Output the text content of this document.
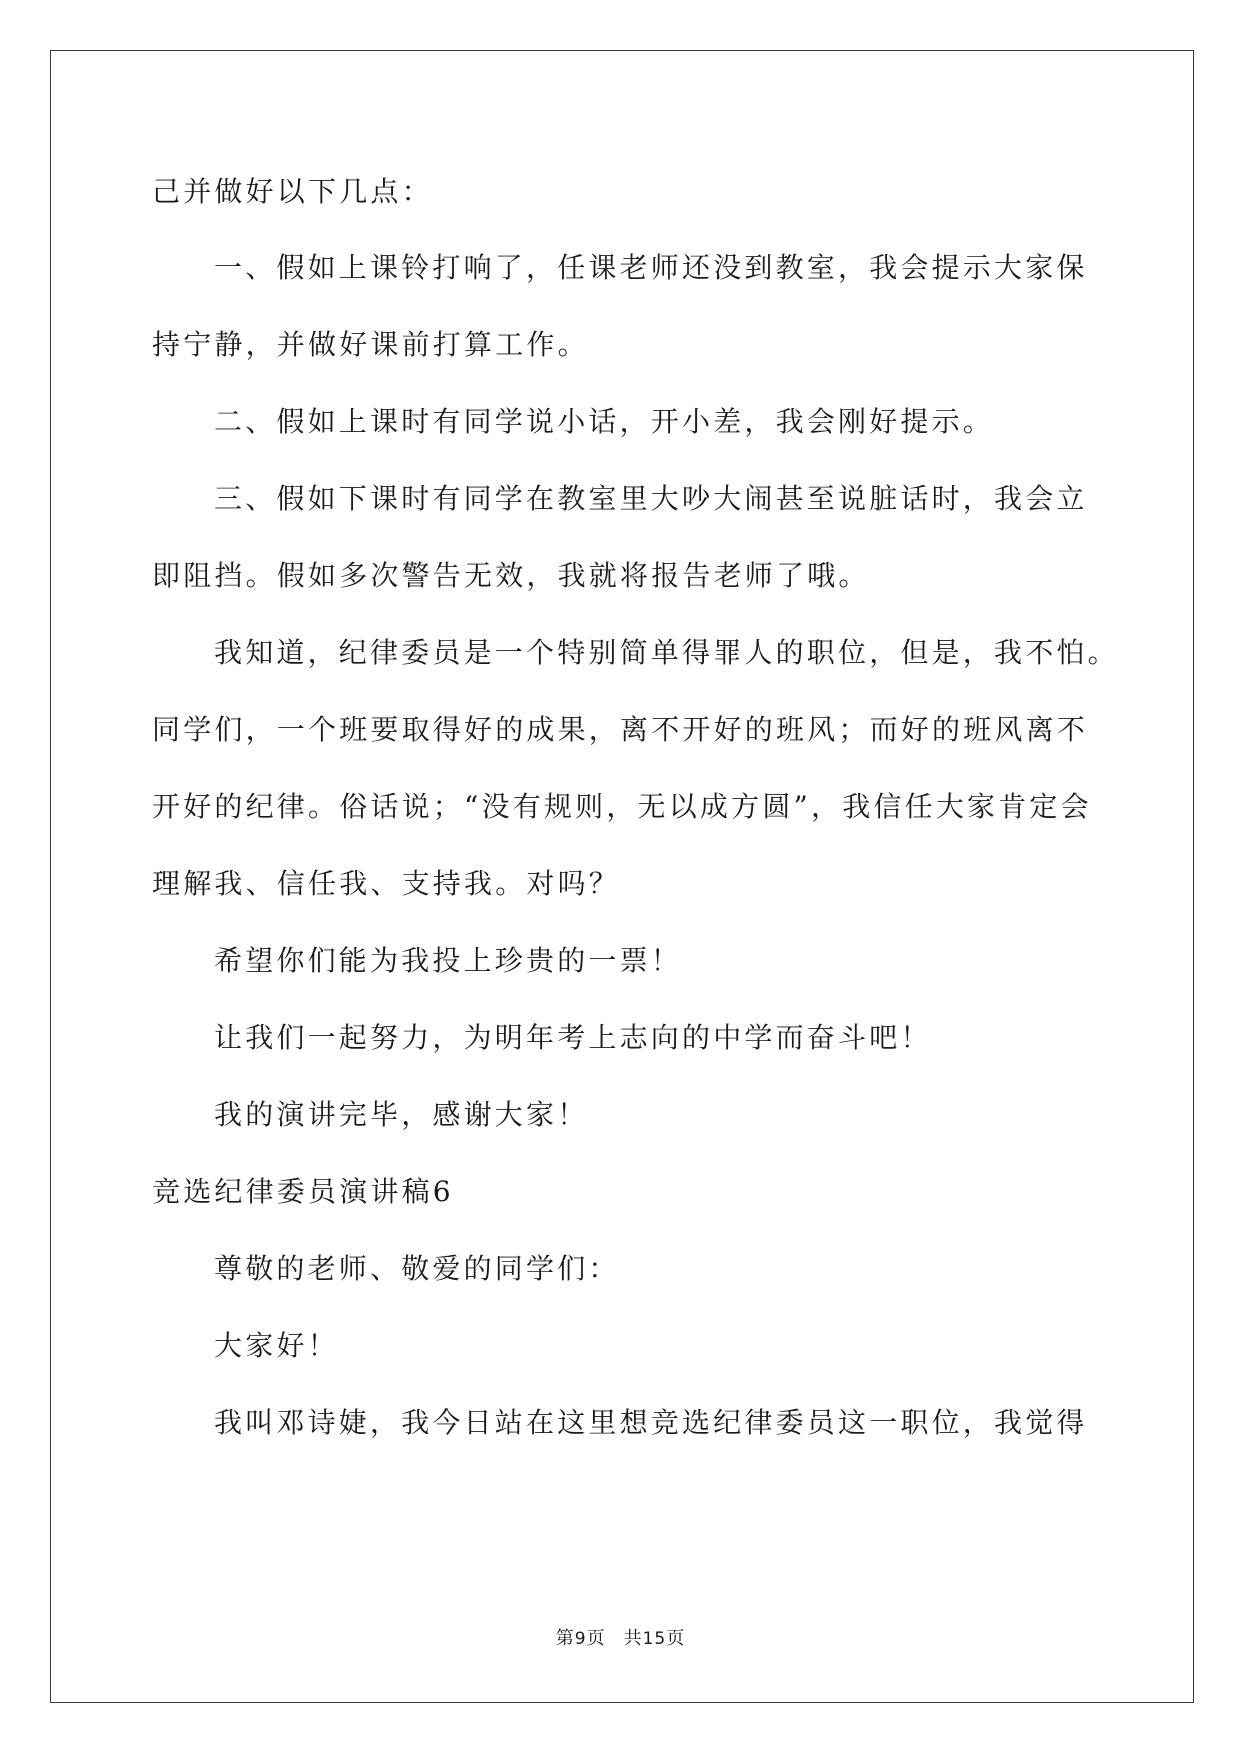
己并做好以下几点：
一、假如上课铃打响了，任课老师还没到教室，我会提示大家保
持宁静，并做好课前打算工作。
二、假如上课时有同学说小话，开小差，我会刚好提示。
三、假如下课时有同学在教室里大吵大闹甚至说脏话时，我会立
即阻挡。假如多次警告无效，我就将报告老师了哦。
我知道，纪律委员是一个特别简单得罪人的职位，但是，我不怕。
同学们，一个班要取得好的成果，离不开好的班风；而好的班风离不
开好的纪律。俗话说；“没有规则，无以成方圆”，我信任大家肯定会
理解我、信任我、支持我。对吗？
希望你们能为我投上珍贵的一票！
让我们一起努力，为明年考上志向的中学而奋斗吧！
我的演讲完毕，感谢大家！
竞选纪律委员演讲稿6
尊敬的老师、敬爱的同学们：
大家好！
我叫邓诗婕，我今日站在这里想竞选纪律委员这一职位，我觉得
第9页 共15页
